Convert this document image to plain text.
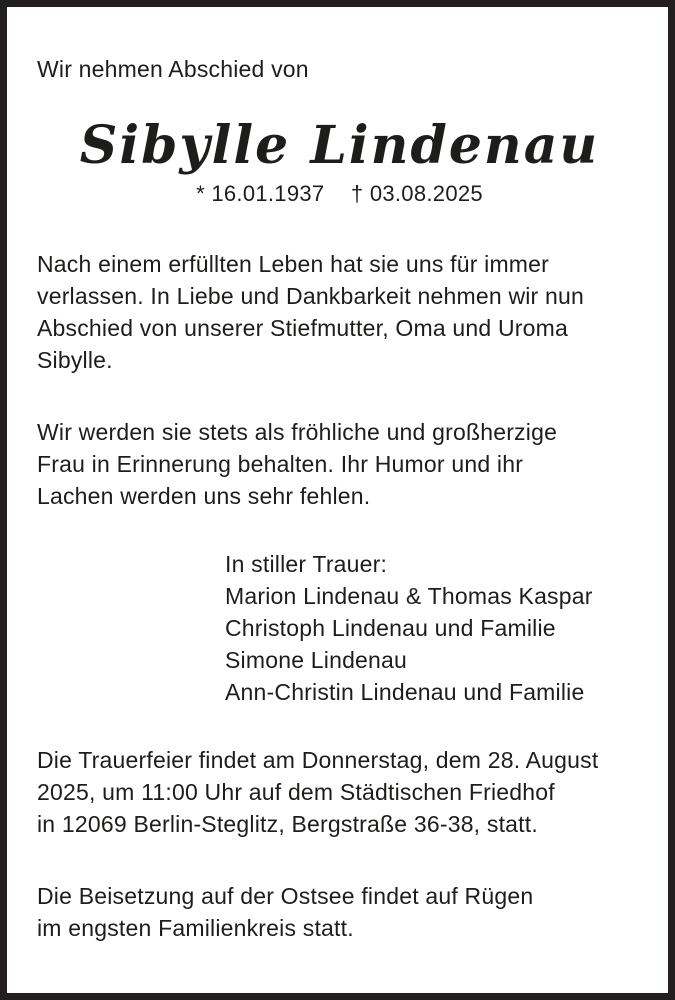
Wir nehmen Abschied von
Sibylle Lindenau
* 16.01.1937 † 03.08.2025
Nach einem erfüllten Leben hat sie uns für immer
verlassen. In Liebe und Dankbarkeit nehmen wir nun
Abschied von unserer Stiefmutter, Oma und Uroma
Sibylle.
Wir werden sie stets als fröhliche und großherzige
Frau in Erinnerung behalten. Ihr Humor und ihr
Lachen werden uns sehr fehlen.
In stiller Trauer:
Marion Lindenau & Thomas Kaspar
Christoph Lindenau und Familie
Simone Lindenau
Ann-Christin Lindenau und Familie
Die Trauerfeier findet am Donnerstag, dem 28. August
2025, um 11:00 Uhr auf dem Städtischen Friedhof
in 12069 Berlin-Steglitz, Bergstraße 36-38, statt.
Die Beisetzung auf der Ostsee findet auf Rügen
im engsten Familienkreis statt.
